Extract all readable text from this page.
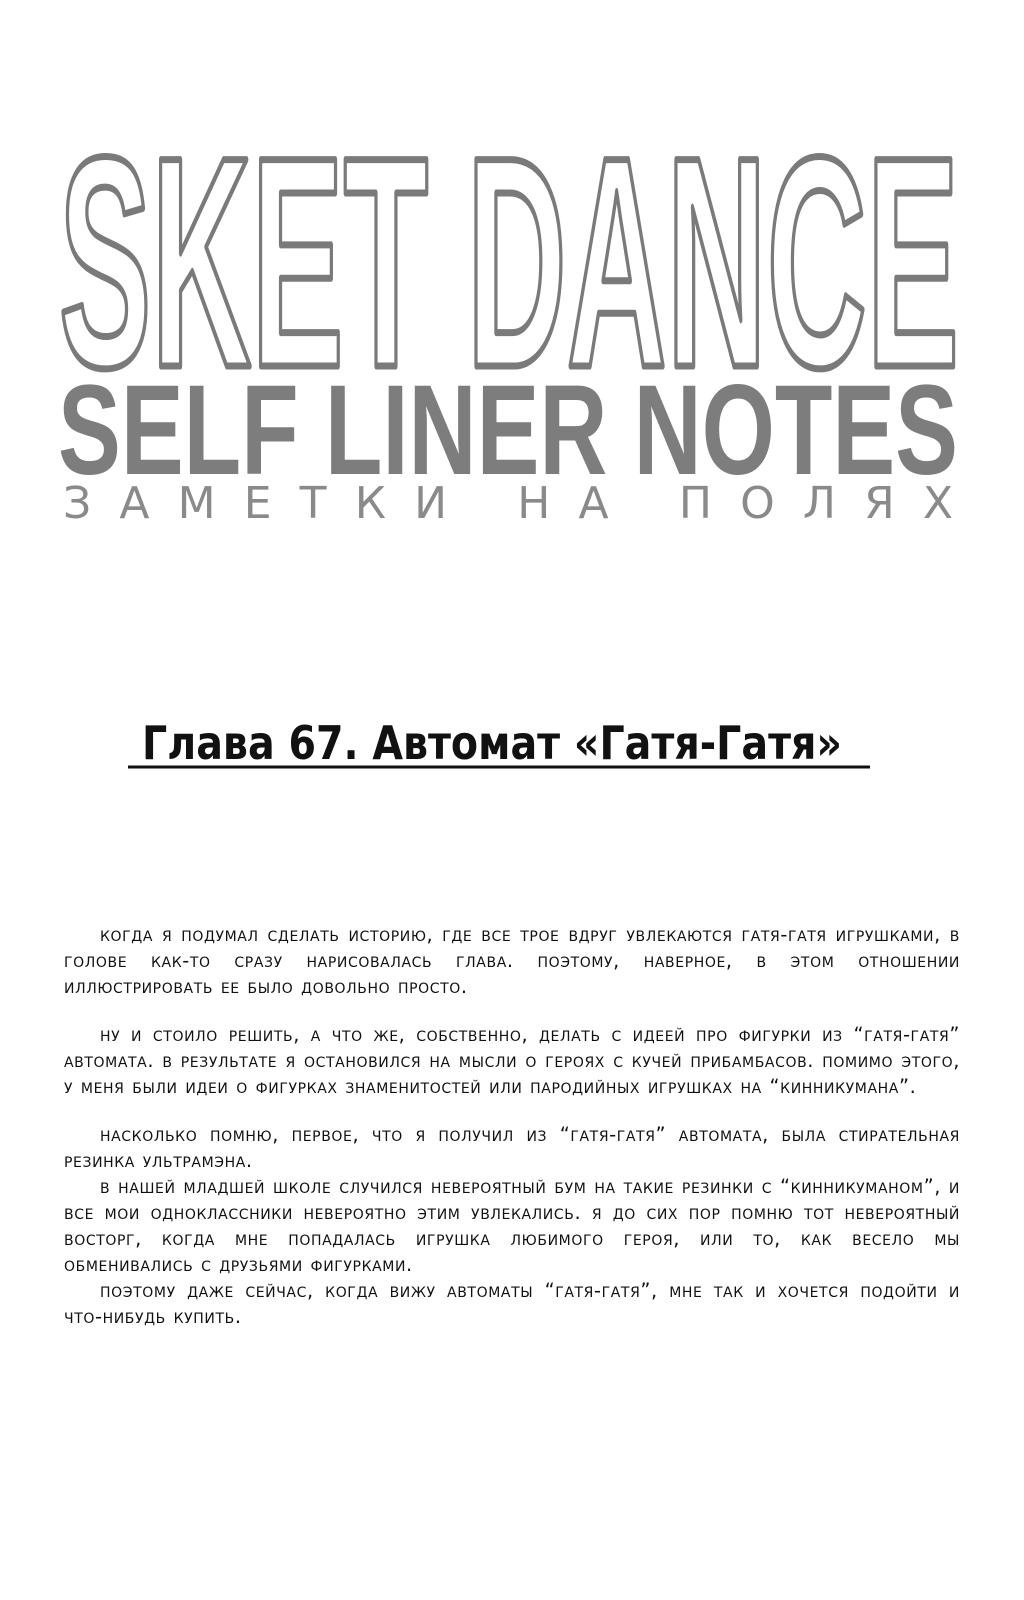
SKET DANCE
SELF LINER NOTES
ЗАМЕТКИ НА ПОЛЯХ
Глава 67. Автомат «Гатя-Гатя»

когда я подумал сделать историю, где все трое вдруг увлекаются гатя-гатя игрушками, в голове как-то сразу нарисовалась глава. поэтому, наверное, в этом отношении иллюстрировать ее было довольно просто.

ну и стоило решить, а что же, собственно, делать с идеей про фигурки из “гатя-гатя” автомата. в результате я остановился на мысли о героях с кучей прибамбасов. помимо этого, у меня были идеи о фигурках знаменитостей или пародийных игрушках на “кинникумана”.

насколько помню, первое, что я получил из “гатя-гатя” автомата, была стирательная резинка ультрамэна.

в нашей младшей школе случился невероятный бум на такие резинки с “кинникуманом”, и все мои одноклассники невероятно этим увлекались. я до сих пор помню тот невероятный восторг, когда мне попадалась игрушка любимого героя, или то, как весело мы обменивались с друзьями фигурками.

поэтому даже сейчас, когда вижу автоматы “гатя-гатя”, мне так и хочется подойти и что-нибудь купить.
